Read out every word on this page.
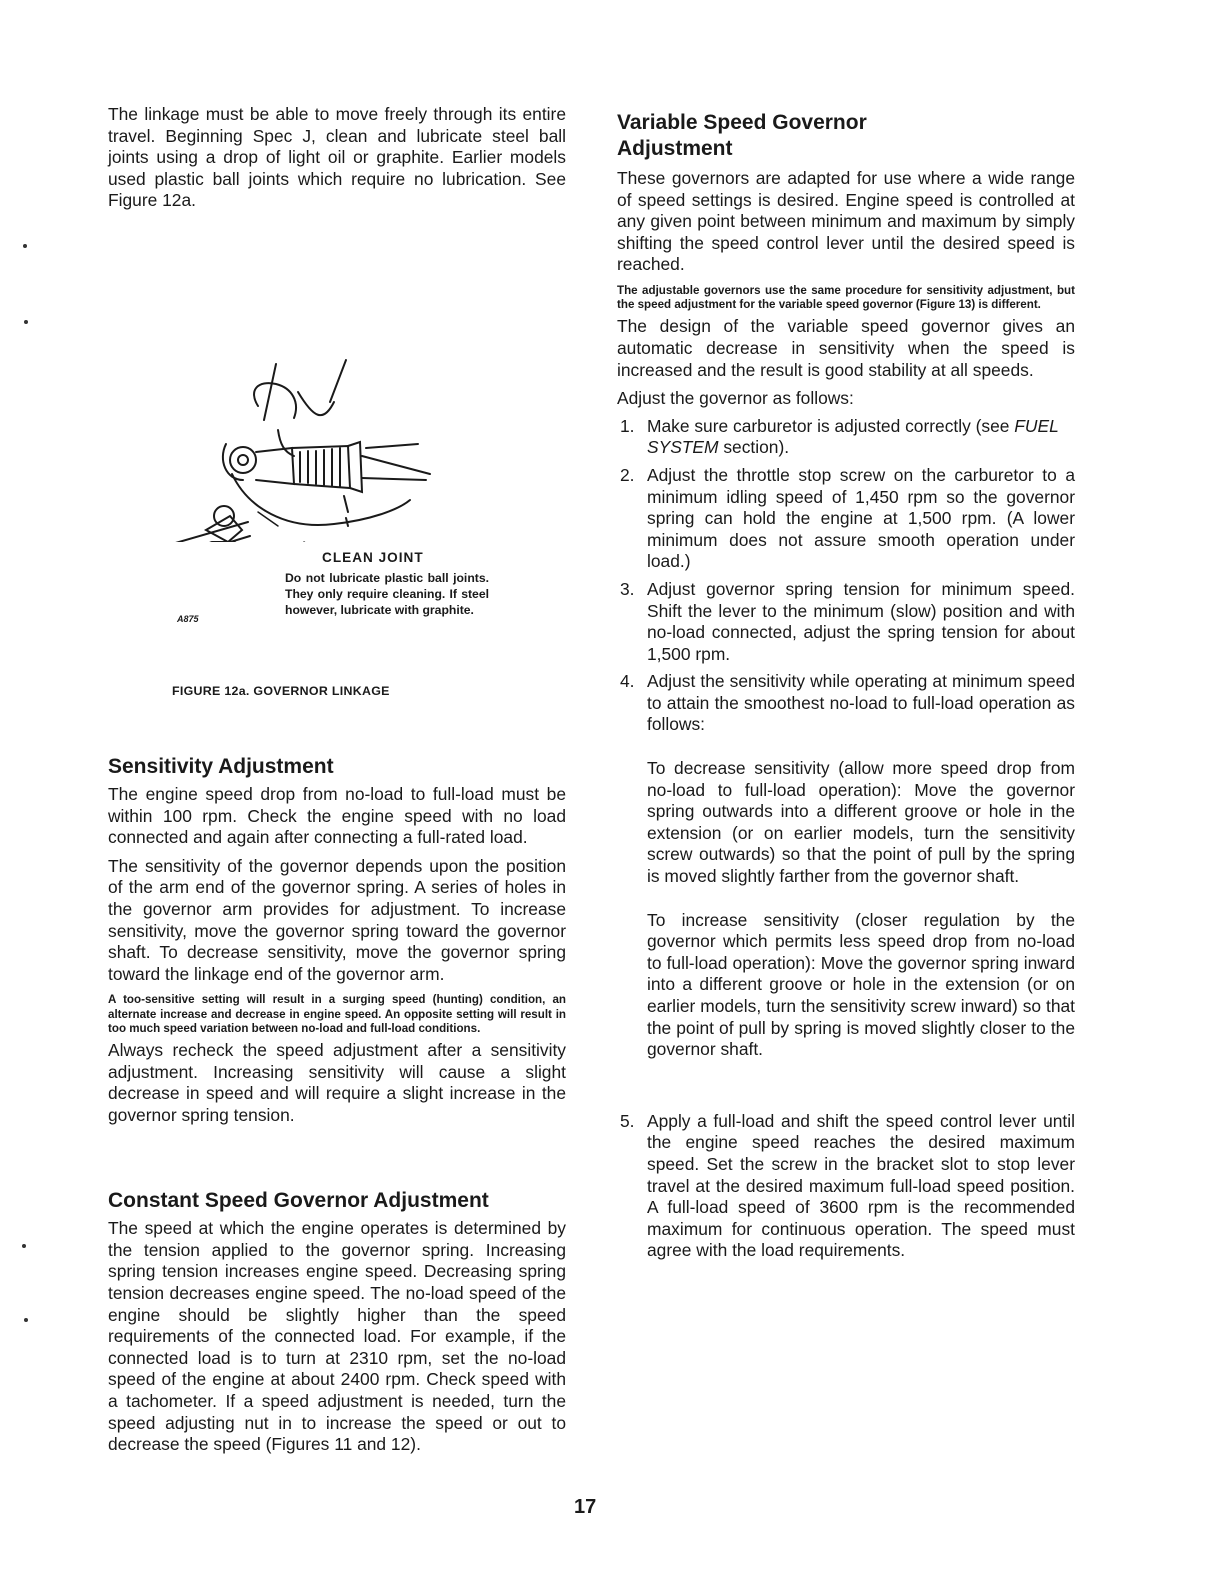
The linkage must be able to move freely through its entire travel. Beginning Spec J, clean and lubricate steel ball joints using a drop of light oil or graphite. Earlier models used plastic ball joints which require no lubrication. See Figure 12a.

CLEAN JOINT
Do not lubricate plastic ball joints. They only require cleaning. If steel however, lubricate with graphite.
A875
FIGURE 12a. GOVERNOR LINKAGE
Sensitivity Adjustment

The engine speed drop from no-load to full-load must be within 100 rpm. Check the engine speed with no load connected and again after connecting a full-rated load.

The sensitivity of the governor depends upon the position of the arm end of the governor spring. A series of holes in the governor arm provides for adjustment. To increase sensitivity, move the governor spring toward the governor shaft. To decrease sensitivity, move the governor spring toward the linkage end of the governor arm.

A too-sensitive setting will result in a surging speed (hunting) condition, an alternate increase and decrease in engine speed. An opposite setting will result in too much speed variation between no-load and full-load conditions.

Always recheck the speed adjustment after a sensitivity adjustment. Increasing sensitivity will cause a slight decrease in speed and will require a slight increase in the governor spring tension.

Constant Speed Governor Adjustment

The speed at which the engine operates is determined by the tension applied to the governor spring. Increasing spring tension increases engine speed. Decreasing spring tension decreases engine speed. The no-load speed of the engine should be slightly higher than the speed requirements of the connected load. For example, if the connected load is to turn at 2310 rpm, set the no-load speed of the engine at about 2400 rpm. Check speed with a tachometer. If a speed adjustment is needed, turn the speed adjusting nut in to increase the speed or out to decrease the speed (Figures 11 and 12).

Variable Speed Governor
Adjustment

These governors are adapted for use where a wide range of speed settings is desired. Engine speed is controlled at any given point between minimum and maximum by simply shifting the speed control lever until the desired speed is reached.

The adjustable governors use the same procedure for sensitivity adjustment, but the speed adjustment for the variable speed governor (Figure 13) is different.

The design of the variable speed governor gives an automatic decrease in sensitivity when the speed is increased and the result is good stability at all speeds.

Adjust the governor as follows:

1. Make sure carburetor is adjusted correctly (see FUEL SYSTEM section).

2. Adjust the throttle stop screw on the carburetor to a minimum idling speed of 1,450 rpm so the governor spring can hold the engine at 1,500 rpm. (A lower minimum does not assure smooth operation under load.)

3. Adjust governor spring tension for minimum speed. Shift the lever to the minimum (slow) position and with no-load connected, adjust the spring tension for about 1,500 rpm.

4. Adjust the sensitivity while operating at minimum speed to attain the smoothest no-load to full-load operation as follows:

To decrease sensitivity (allow more speed drop from no-load to full-load operation): Move the governor spring outwards into a different groove or hole in the extension (or on earlier models, turn the sensitivity screw outwards) so that the point of pull by the spring is moved slightly farther from the governor shaft.

To increase sensitivity (closer regulation by the governor which permits less speed drop from no-load to full-load operation): Move the governor spring inward into a different groove or hole in the extension (or on earlier models, turn the sensitivity screw inward) so that the point of pull by spring is moved slightly closer to the governor shaft.

5. Apply a full-load and shift the speed control lever until the engine speed reaches the desired maximum speed. Set the screw in the bracket slot to stop lever travel at the desired maximum full-load speed position. A full-load speed of 3600 rpm is the recommended maximum for continuous operation. The speed must agree with the load requirements.

17
